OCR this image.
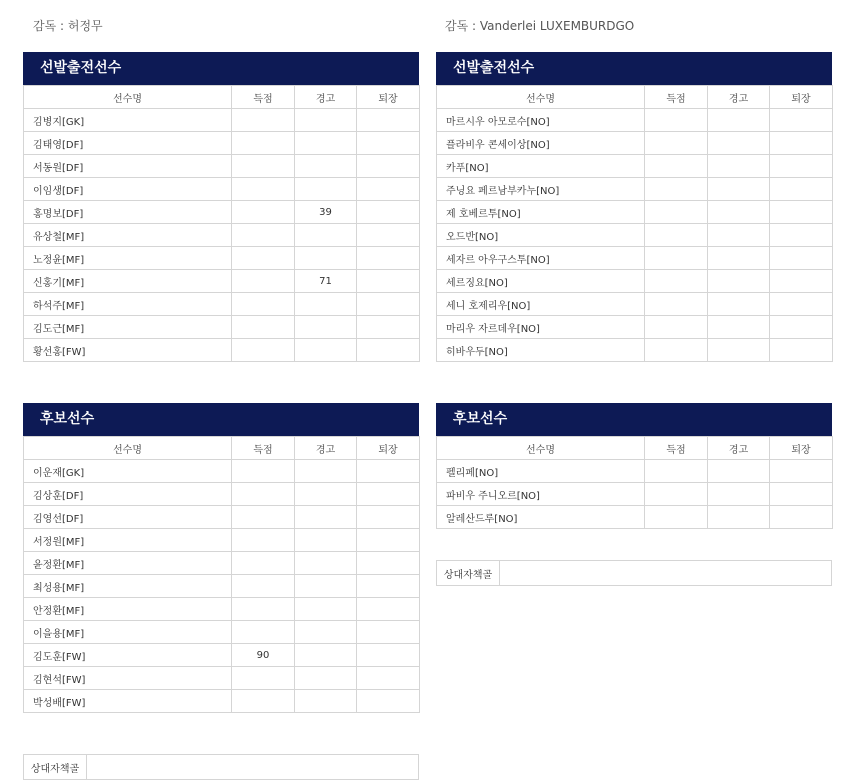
감독 : 허정무	감독 : Vanderlei LUXEMBURDGO
선발출전선수
선수명	득점	경고	퇴장
김병지[GK]			
김태영[DF]			
서동원[DF]			
이임생[DF]			
홍명보[DF]		39	
유상철[MF]			
노정윤[MF]			
신홍기[MF]		71	
하석주[MF]			
김도근[MF]			
황선홍[FW]			
선발출전선수
선수명	득점	경고	퇴장
마르시우 아모로수[NO]			
플라비우 콘세이상[NO]			
카푸[NO]			
주닝요 페르남부카누[NO]			
제 호베르투[NO]			
오드반[NO]			
세자르 아우구스투[NO]			
세르징요[NO]			
세니 호제리우[NO]			
마리우 자르데우[NO]			
히바우두[NO]			
후보선수
선수명	득점	경고	퇴장
이운재[GK]			
김상훈[DF]			
김영선[DF]			
서정원[MF]			
윤정환[MF]			
최성용[MF]			
안정환[MF]			
이을용[MF]			
김도훈[FW]	90		
김현석[FW]			
박성배[FW]			
후보선수
선수명	득점	경고	퇴장
펠리페[NO]			
파비우 주니오르[NO]			
알레산드루[NO]			
상대자책골
상대자책골
